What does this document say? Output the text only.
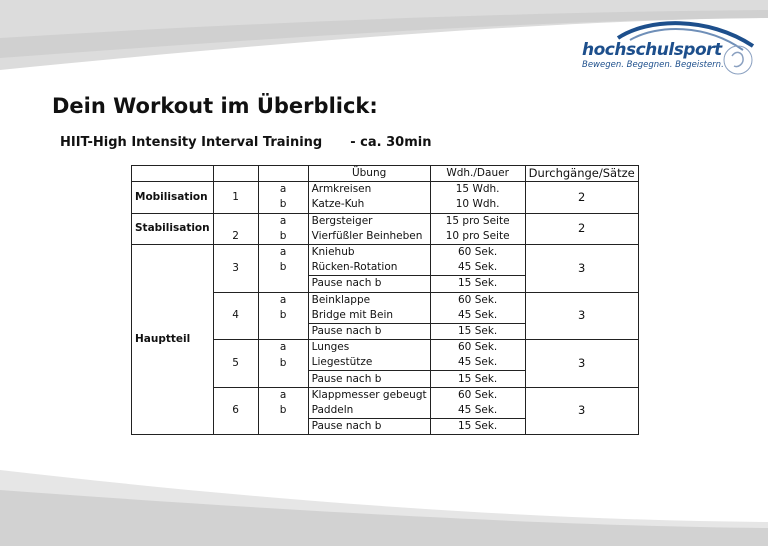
hochschulsport
Bewegen. Begegnen. Begeistern.
Dein Workout im Überblick:
HIIT-High Intensity Interval Training - ca. 30min
			Übung	Wdh./Dauer	Durchgänge/Sätze
Mobilisation	1	a	Armkreisen	15 Wdh.	2
		b	Katze-Kuh	10 Wdh.	
Stabilisation	2	a	Bergsteiger	15 pro Seite	2
		b	Vierfüßler Beinheben	10 pro Seite	
Hauptteil	3	a	Kniehub	60 Sek.	3
		b	Rücken-Rotation	45 Sek.	
			Pause nach b	15 Sek.	
	4	a	Beinklappe	60 Sek.	3
		b	Bridge mit Bein	45 Sek.	
			Pause nach b	15 Sek.	
	5	a	Lunges	60 Sek.	3
		b	Liegestütze	45 Sek.	
			Pause nach b	15 Sek.	
	6	a	Klappmesser gebeugt	60 Sek.	3
		b	Paddeln	45 Sek.	
			Pause nach b	15 Sek.	
